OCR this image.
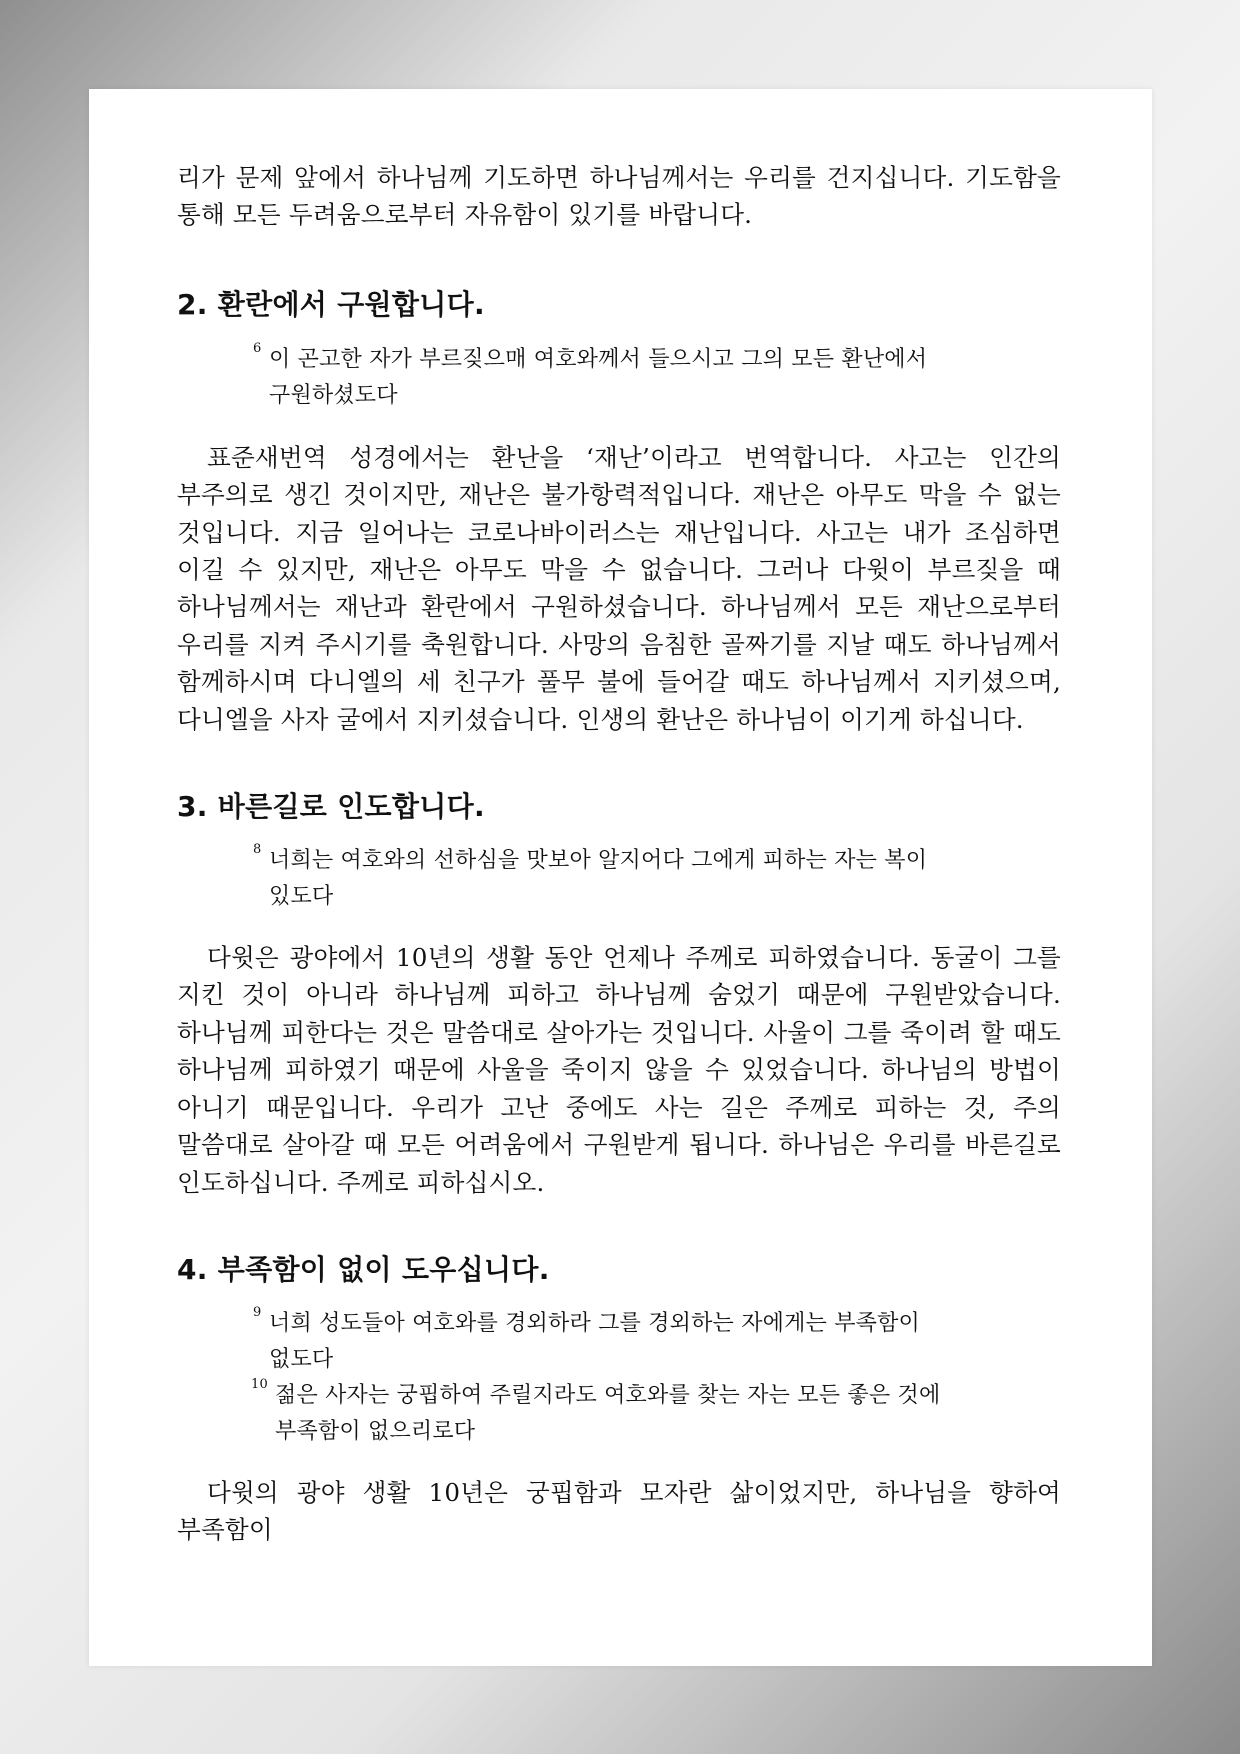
리가 문제 앞에서 하나님께 기도하면 하나님께서는 우리를 건지십니다. 기도함을 통해 모든 두려움으로부터 자유함이 있기를 바랍니다.

2. 환란에서 구원합니다.

6 이 곤고한 자가 부르짖으매 여호와께서 들으시고 그의 모든 환난에서 구원하셨도다

표준새번역 성경에서는 환난을 ‘재난’이라고 번역합니다. 사고는 인간의 부주의로 생긴 것이지만, 재난은 불가항력적입니다. 재난은 아무도 막을 수 없는 것입니다. 지금 일어나는 코로나바이러스는 재난입니다. 사고는 내가 조심하면 이길 수 있지만, 재난은 아무도 막을 수 없습니다. 그러나 다윗이 부르짖을 때 하나님께서는 재난과 환란에서 구원하셨습니다. 하나님께서 모든 재난으로부터 우리를 지켜 주시기를 축원합니다. 사망의 음침한 골짜기를 지날 때도 하나님께서 함께하시며 다니엘의 세 친구가 풀무 불에 들어갈 때도 하나님께서 지키셨으며, 다니엘을 사자 굴에서 지키셨습니다. 인생의 환난은 하나님이 이기게 하십니다.

3. 바른길로 인도합니다.

8 너희는 여호와의 선하심을 맛보아 알지어다 그에게 피하는 자는 복이 있도다

다윗은 광야에서 10년의 생활 동안 언제나 주께로 피하였습니다. 동굴이 그를 지킨 것이 아니라 하나님께 피하고 하나님께 숨었기 때문에 구원받았습니다. 하나님께 피한다는 것은 말씀대로 살아가는 것입니다. 사울이 그를 죽이려 할 때도 하나님께 피하였기 때문에 사울을 죽이지 않을 수 있었습니다. 하나님의 방법이 아니기 때문입니다. 우리가 고난 중에도 사는 길은 주께로 피하는 것, 주의 말씀대로 살아갈 때 모든 어려움에서 구원받게 됩니다. 하나님은 우리를 바른길로 인도하십니다. 주께로 피하십시오.

4. 부족함이 없이 도우십니다.

9 너희 성도들아 여호와를 경외하라 그를 경외하는 자에게는 부족함이 없도다

10 젊은 사자는 궁핍하여 주릴지라도 여호와를 찾는 자는 모든 좋은 것에 부족함이 없으리로다

다윗의 광야 생활 10년은 궁핍함과 모자란 삶이었지만, 하나님을 향하여 부족함이
